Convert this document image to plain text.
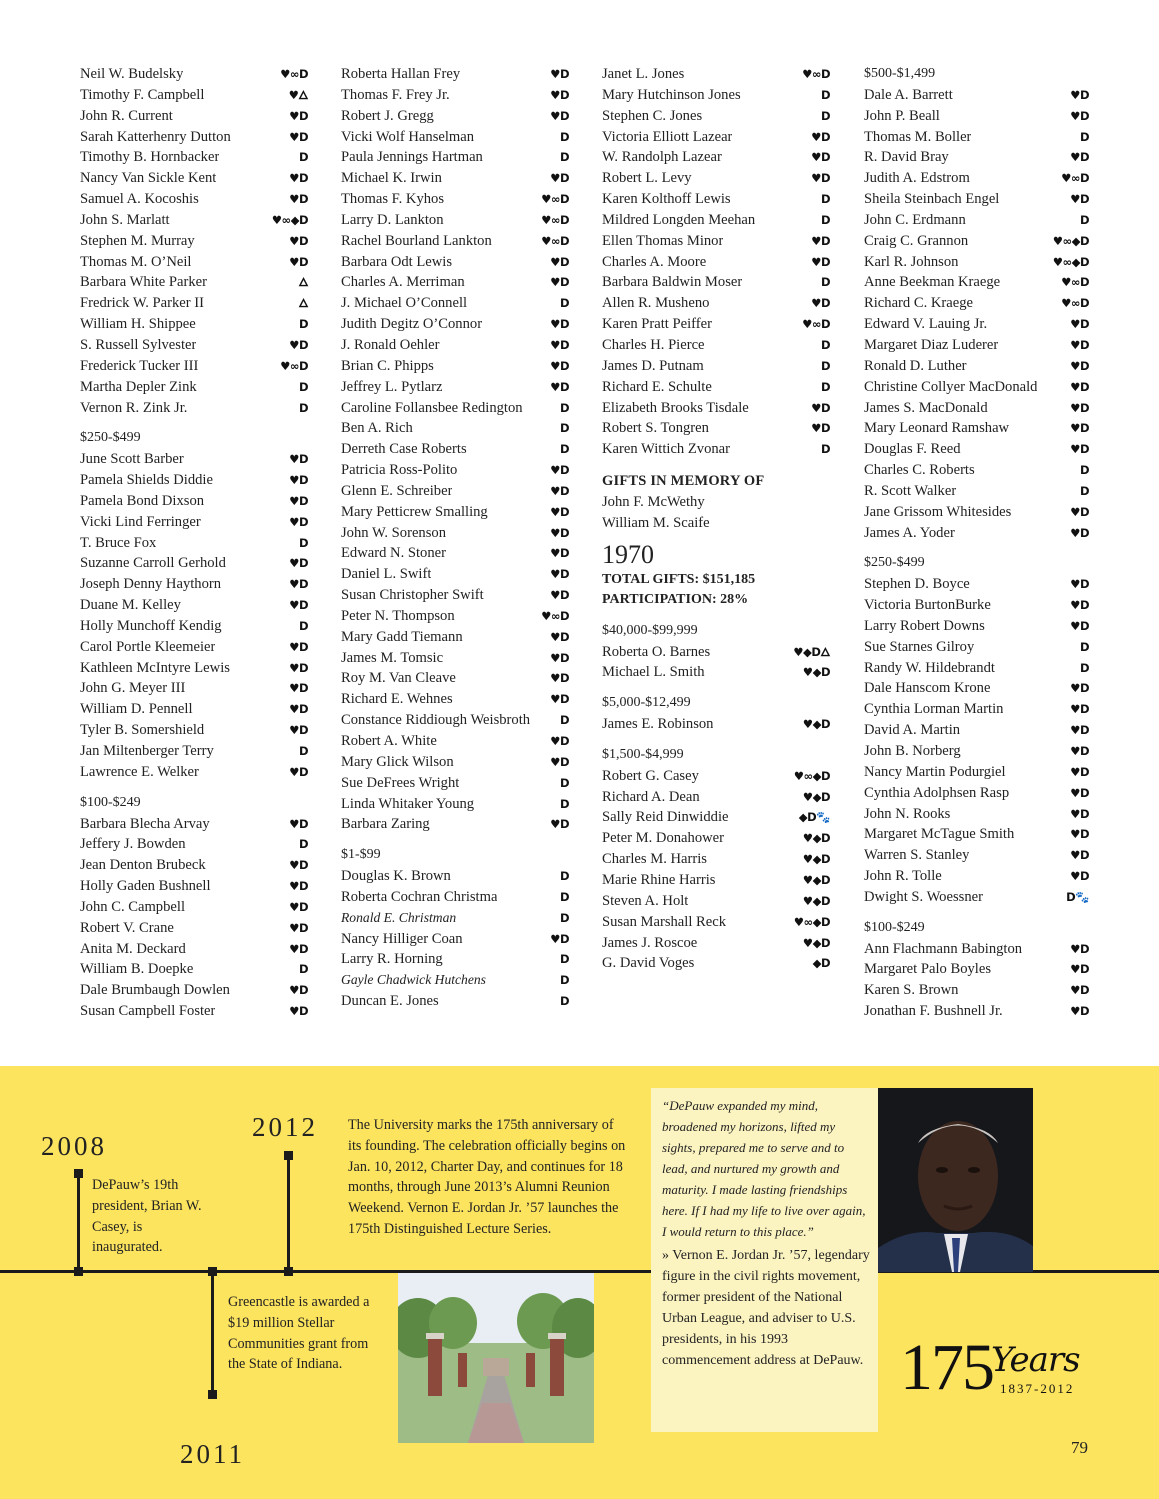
Neil W. Budelsky	♥∞D
Timothy F. Campbell	♥🜂
John R. Current	♥D
Sarah Katterhenry Dutton	♥D
Timothy B. Hornbacker	D
Nancy Van Sickle Kent	♥D
Samuel A. Kocoshis	♥D
John S. Marlatt	♥∞◆D
Stephen M. Murray	♥D
Thomas M. O’Neil	♥D
Barbara White Parker	🜂
Fredrick W. Parker II	🜂
William H. Shippee	D
S. Russell Sylvester	♥D
Frederick Tucker III	♥∞D
Martha Depler Zink	D
Vernon R. Zink Jr.	D
$250-$499
June Scott Barber	♥D
Pamela Shields Diddie	♥D
Pamela Bond Dixson	♥D
Vicki Lind Ferringer	♥D
T. Bruce Fox	D
Suzanne Carroll Gerhold	♥D
Joseph Denny Haythorn	♥D
Duane M. Kelley	♥D
Holly Munchoff Kendig	D
Carol Portle Kleemeier	♥D
Kathleen McIntyre Lewis	♥D
John G. Meyer III	♥D
William D. Pennell	♥D
Tyler B. Somershield	♥D
Jan Miltenberger Terry	D
Lawrence E. Welker	♥D
$100-$249
Barbara Blecha Arvay	♥D
Jeffery J. Bowden	D
Jean Denton Brubeck	♥D
Holly Gaden Bushnell	♥D
John C. Campbell	♥D
Robert V. Crane	♥D
Anita M. Deckard	♥D
William B. Doepke	D
Dale Brumbaugh Dowlen	♥D
Susan Campbell Foster	♥D
Roberta Hallan Frey	♥D
Thomas F. Frey Jr.	♥D
Robert J. Gregg	♥D
Vicki Wolf Hanselman	D
Paula Jennings Hartman	D
Michael K. Irwin	♥D
Thomas F. Kyhos	♥∞D
Larry D. Lankton	♥∞D
Rachel Bourland Lankton	♥∞D
Barbara Odt Lewis	♥D
Charles A. Merriman	♥D
J. Michael O’Connell	D
Judith Degitz O’Connor	♥D
J. Ronald Oehler	♥D
Brian C. Phipps	♥D
Jeffrey L. Pytlarz	♥D
Caroline Follansbee Redington	D
Ben A. Rich	D
Derreth Case Roberts	D
Patricia Ross-Polito	♥D
Glenn E. Schreiber	♥D
Mary Petticrew Smalling	♥D
John W. Sorenson	♥D
Edward N. Stoner	♥D
Daniel L. Swift	♥D
Susan Christopher Swift	♥D
Peter N. Thompson	♥∞D
Mary Gadd Tiemann	♥D
James M. Tomsic	♥D
Roy M. Van Cleave	♥D
Richard E. Wehnes	♥D
Constance Riddiough Weisbroth	D
Robert A. White	♥D
Mary Glick Wilson	♥D
Sue DeFrees Wright	D
Linda Whitaker Young	D
Barbara Zaring	♥D
$1-$99
Douglas K. Brown	D
Roberta Cochran Christma	D
Ronald E. Christman	D
Nancy Hilliger Coan	♥D
Larry R. Horning	D
Gayle Chadwick Hutchens	D
Duncan E. Jones	D
Janet L. Jones	♥∞D
Mary Hutchinson Jones	D
Stephen C. Jones	D
Victoria Elliott Lazear	♥D
W. Randolph Lazear	♥D
Robert L. Levy	♥D
Karen Kolthoff Lewis	D
Mildred Longden Meehan	D
Ellen Thomas Minor	♥D
Charles A. Moore	♥D
Barbara Baldwin Moser	D
Allen R. Musheno	♥D
Karen Pratt Peiffer	♥∞D
Charles H. Pierce	D
James D. Putnam	D
Richard E. Schulte	D
Elizabeth Brooks Tisdale	♥D
Robert S. Tongren	♥D
Karen Wittich Zvonar	D
GIFTS IN MEMORY OF
John F. McWethy
William M. Scaife
1970
TOTAL GIFTS: $151,185
PARTICIPATION: 28%
$40,000-$99,999
Roberta O. Barnes	♥◆D🜂
Michael L. Smith	♥◆D
$5,000-$12,499
James E. Robinson	♥◆D
$1,500-$4,999
Robert G. Casey	♥∞◆D
Richard A. Dean	♥◆D
Sally Reid Dinwiddie	◆D🐾
Peter M. Donahower	♥◆D
Charles M. Harris	♥◆D
Marie Rhine Harris	♥◆D
Steven A. Holt	♥◆D
Susan Marshall Reck	♥∞◆D
James J. Roscoe	♥◆D
G. David Voges	◆D
$500-$1,499
Dale A. Barrett	♥D
John P. Beall	♥D
Thomas M. Boller	D
R. David Bray	♥D
Judith A. Edstrom	♥∞D
Sheila Steinbach Engel	♥D
John C. Erdmann	D
Craig C. Grannon	♥∞◆D
Karl R. Johnson	♥∞◆D
Anne Beekman Kraege	♥∞D
Richard C. Kraege	♥∞D
Edward V. Lauing Jr.	♥D
Margaret Diaz Luderer	♥D
Ronald D. Luther	♥D
Christine Collyer MacDonald	♥D
James S. MacDonald	♥D
Mary Leonard Ramshaw	♥D
Douglas F. Reed	♥D
Charles C. Roberts	D
R. Scott Walker	D
Jane Grissom Whitesides	♥D
James A. Yoder	♥D
$250-$499
Stephen D. Boyce	♥D
Victoria BurtonBurke	♥D
Larry Robert Downs	♥D
Sue Starnes Gilroy	D
Randy W. Hildebrandt	D
Dale Hanscom Krone	♥D
Cynthia Lorman Martin	♥D
David A. Martin	♥D
John B. Norberg	♥D
Nancy Martin Podurgiel	♥D
Cynthia Adolphsen Rasp	♥D
John N. Rooks	♥D
Margaret McTague Smith	♥D
Warren S. Stanley	♥D
John R. Tolle	♥D
Dwight S. Woessner	D🐾
$100-$249
Ann Flachmann Babington	♥D
Margaret Palo Boyles	♥D
Karen S. Brown	♥D
Jonathan F. Bushnell Jr.	♥D
2008
DePauw’s 19th president, Brian W. Casey, is inaugurated.
2012 The University marks the 175th anniversary of its founding. The celebration officially begins on Jan. 10, 2012, Charter Day, and continues for 18 months, through June 2013’s Alumni Reunion Weekend. Vernon E. Jordan Jr. ’57 launches the 175th Distinguished Lecture Series.
2011
Greencastle is awarded a $19 million Stellar Communities grant from the State of Indiana.
“DePauw expanded my mind, broadened my horizons, lifted my sights, prepared me to serve and to lead, and nurtured my growth and maturity. I made lasting friendships here. If I had my life to live over again, I would return to this place.”
» Vernon E. Jordan Jr. ’57, legendary figure in the civil rights movement, former president of the National Urban League, and adviser to U.S. presidents, in his 1993 commencement address at DePauw. 175
Years
1837-2012
79
